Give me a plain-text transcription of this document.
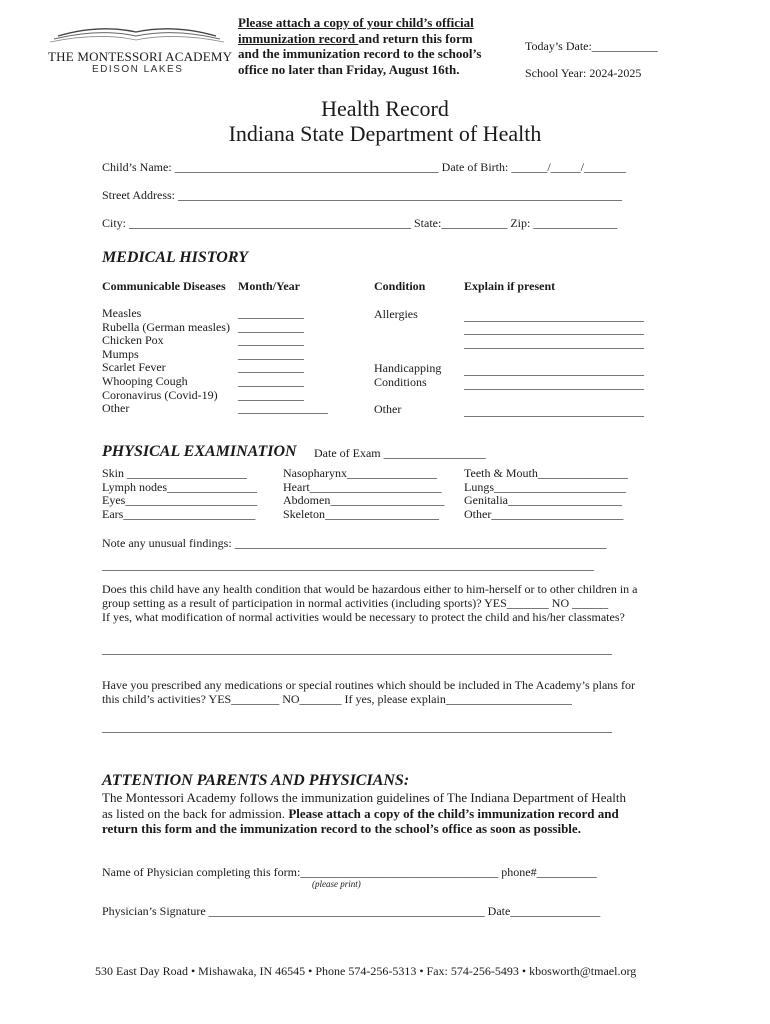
THE MONTESSORI ACADEMY
EDISON LAKES
Please attach a copy of your child’s official
immunization record and return this form
and the immunization record to the school’s
office no later than Friday, August 16th.
Today’s Date:___________
School Year: 2024-2025
Health Record
Indiana State Department of Health
Child’s Name: ____________________________________________ Date of Birth: ______/_____/_______
Street Address: __________________________________________________________________________
City: _______________________________________________ State:___________ Zip: ______________
MEDICAL HISTORY
Communicable Diseases Month/Year	Condition	Explain if present
Measles
Rubella (German measles)
Chicken Pox
Mumps
Scarlet Fever
Whooping Cough
Coronavirus (Covid-19)
Other
___________
___________
___________
___________
___________
___________
___________
_______________
Allergies
Handicapping
Conditions
Other
______________________________
______________________________
______________________________
______________________________
______________________________
______________________________
PHYSICAL EXAMINATION Date of Exam _________________
Skin ____________________
Lymph nodes_______________
Eyes______________________
Ears______________________
Nasopharynx_______________
Heart______________________
Abdomen___________________
Skeleton___________________
Teeth & Mouth_______________
Lungs______________________
Genitalia___________________
Other______________________
Note any unusual findings: ______________________________________________________________
__________________________________________________________________________________
Does this child have any health condition that would be hazardous either to him-herself or to other children in a
group setting as a result of participation in normal activities (including sports)? YES_______ NO ______
If yes, what modification of normal activities would be necessary to protect the child and his/her classmates?
_____________________________________________________________________________________
Have you prescribed any medications or special routines which should be included in The Academy’s plans for
this child’s activities? YES________ NO_______ If yes, please explain_____________________
_____________________________________________________________________________________
ATTENTION PARENTS AND PHYSICIANS:
The Montessori Academy follows the immunization guidelines of The Indiana Department of Health
as listed on the back for admission. Please attach a copy of the child’s immunization record and
return this form and the immunization record to the school’s office as soon as possible.
Name of Physician completing this form:_________________________________ phone#__________
(please print)
Physician’s Signature ______________________________________________ Date_______________
530 East Day Road • Mishawaka, IN 46545 • Phone 574-256-5313 • Fax: 574-256-5493 • kbosworth@tmael.org
